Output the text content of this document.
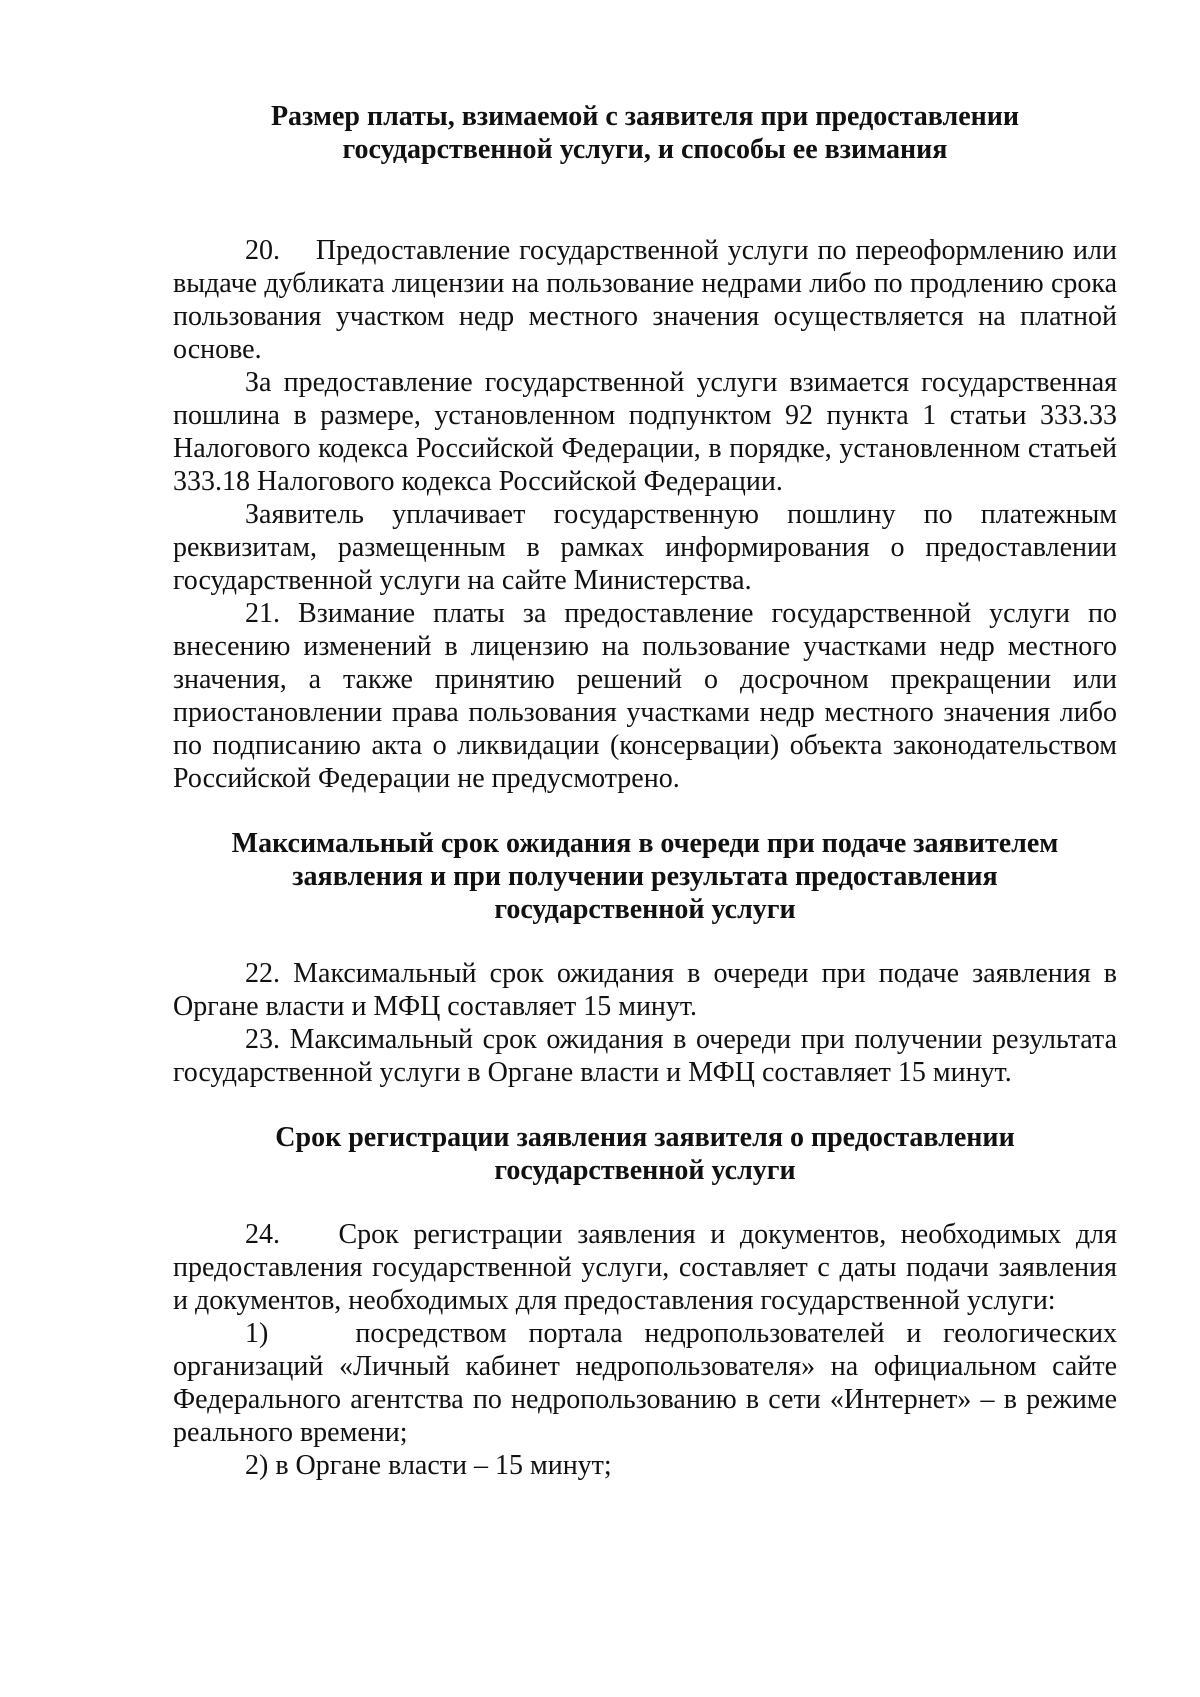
Размер платы, взимаемой с заявителя при предоставлении
государственной услуги, и способы ее взимания

20.    Предоставление государственной услуги по переоформлению или выдаче дубликата лицензии на пользование недрами либо по продлению срока пользования участком недр местного значения осуществляется на платной основе.

За предоставление государственной услуги взимается государственная пошлина в размере, установленном подпунктом 92 пункта 1 статьи 333.33 Налогового кодекса Российской Федерации, в порядке, установленном статьей 333.18 Налогового кодекса Российской Федерации.

Заявитель уплачивает государственную пошлину по платежным реквизитам, размещенным в рамках информирования о предоставлении государственной услуги на сайте Министерства.

21. Взимание платы за предоставление государственной услуги по внесению изменений в лицензию на пользование участками недр местного значения, а также принятию решений о досрочном прекращении или приостановлении права пользования участками недр местного значения либо по подписанию акта о ликвидации (консервации) объекта законодательством Российской Федерации не предусмотрено.

Максимальный срок ожидания в очереди при подаче заявителем
заявления и при получении результата предоставления
государственной услуги

22. Максимальный срок ожидания в очереди при подаче заявления в Органе власти и МФЦ составляет 15 минут.

23. Максимальный срок ожидания в очереди при получении результата государственной услуги в Органе власти и МФЦ составляет 15 минут.

Срок регистрации заявления заявителя о предоставлении
государственной услуги

24.    Срок регистрации заявления и документов, необходимых для предоставления государственной услуги, составляет с даты подачи заявления и документов, необходимых для предоставления государственной услуги:

1)    посредством портала недропользователей и геологических организаций «Личный кабинет недропользователя» на официальном сайте Федерального агентства по недропользованию в сети «Интернет» – в режиме реального времени;

2) в Органе власти – 15 минут;
